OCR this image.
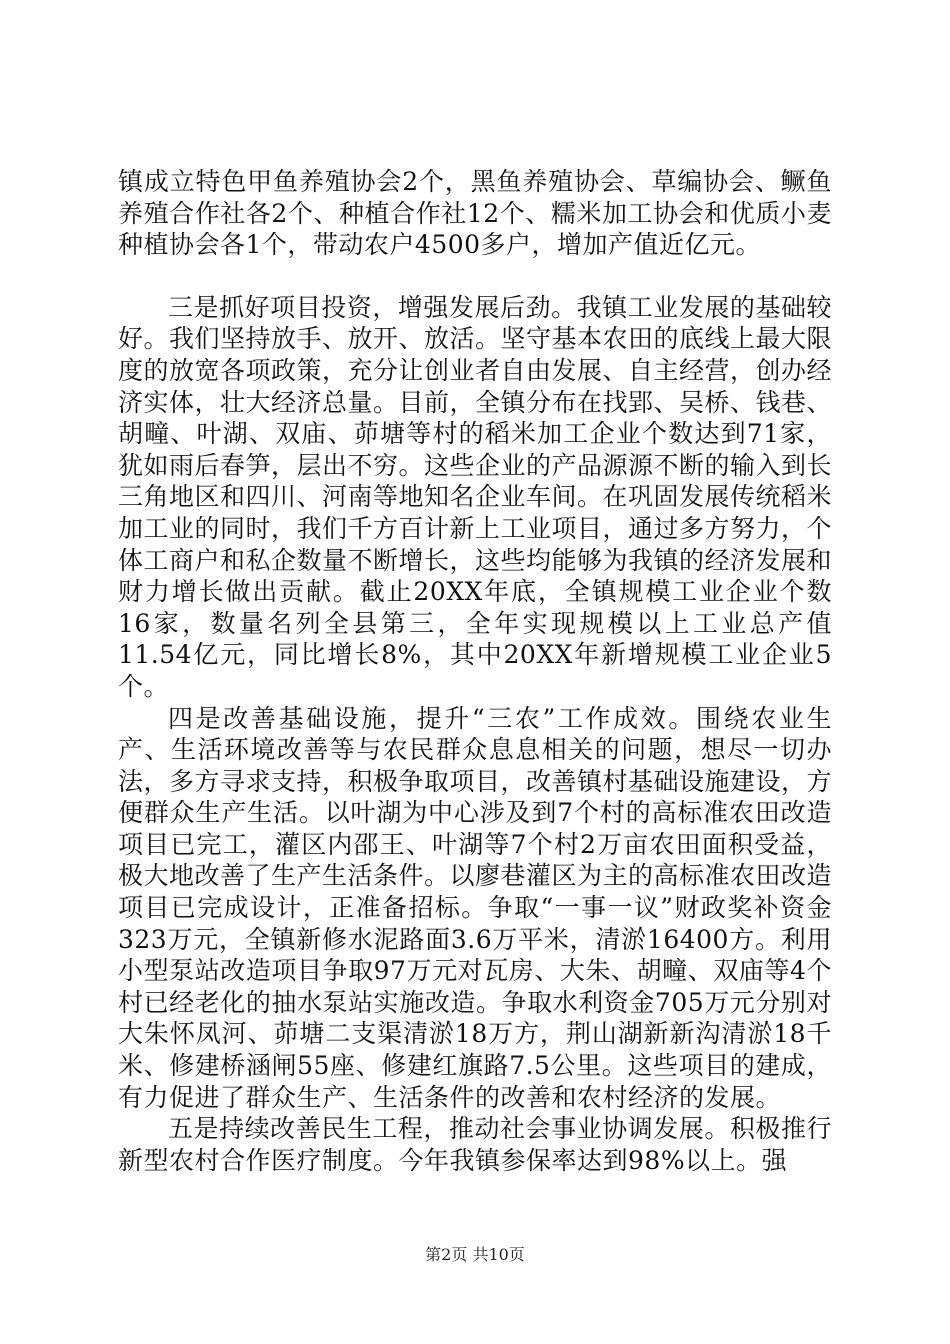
镇成立特色甲鱼养殖协会2个，黑鱼养殖协会、草编协会、鳜鱼养殖合作社各2个、种植合作社12个、糯米加工协会和优质小麦种植协会各1个，带动农户4500多户，增加产值近亿元。

三是抓好项目投资，增强发展后劲。我镇工业发展的基础较好。我们坚持放手、放开、放活。坚守基本农田的底线上最大限度的放宽各项政策，充分让创业者自由发展、自主经营，创办经济实体，壮大经济总量。目前，全镇分布在找郢、吴桥、钱巷、胡疃、叶湖、双庙、茆塘等村的稻米加工企业个数达到71家，犹如雨后春笋，层出不穷。这些企业的产品源源不断的输入到长三角地区和四川、河南等地知名企业车间。在巩固发展传统稻米加工业的同时，我们千方百计新上工业项目，通过多方努力，个体工商户和私企数量不断增长，这些均能够为我镇的经济发展和财力增长做出贡献。截止20XX年底，全镇规模工业企业个数16家，数量名列全县第三，全年实现规模以上工业总产值11.54亿元，同比增长8%，其中20XX年新增规模工业企业5个。

四是改善基础设施，提升“三农”工作成效。围绕农业生产、生活环境改善等与农民群众息息相关的问题，想尽一切办法，多方寻求支持，积极争取项目，改善镇村基础设施建设，方便群众生产生活。以叶湖为中心涉及到7个村的高标准农田改造项目已完工，灌区内邵王、叶湖等7个村2万亩农田面积受益，极大地改善了生产生活条件。以廖巷灌区为主的高标准农田改造项目已完成设计，正准备招标。争取“一事一议”财政奖补资金323万元，全镇新修水泥路面3.6万平米，清淤16400方。利用小型泵站改造项目争取97万元对瓦房、大朱、胡疃、双庙等4个村已经老化的抽水泵站实施改造。争取水利资金705万元分别对大朱怀凤河、茆塘二支渠清淤18万方，荆山湖新新沟清淤18千米、修建桥涵闸55座、修建红旗路7.5公里。这些项目的建成，有力促进了群众生产、生活条件的改善和农村经济的发展。

五是持续改善民生工程，推动社会事业协调发展。积极推行新型农村合作医疗制度。今年我镇参保率达到98%以上。强

第2页 共10页
